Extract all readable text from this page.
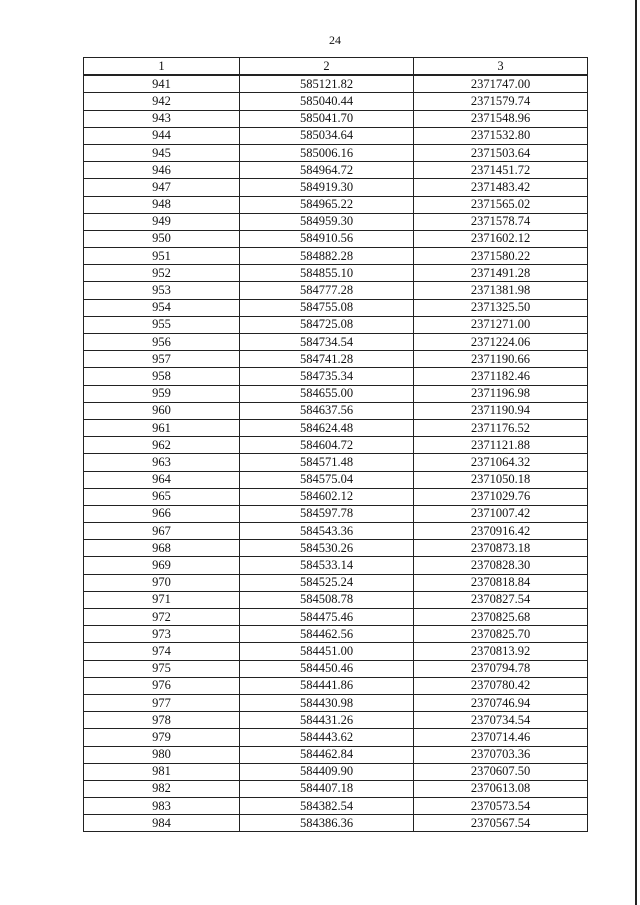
24
1	2	3
941	585121.82	2371747.00
942	585040.44	2371579.74
943	585041.70	2371548.96
944	585034.64	2371532.80
945	585006.16	2371503.64
946	584964.72	2371451.72
947	584919.30	2371483.42
948	584965.22	2371565.02
949	584959.30	2371578.74
950	584910.56	2371602.12
951	584882.28	2371580.22
952	584855.10	2371491.28
953	584777.28	2371381.98
954	584755.08	2371325.50
955	584725.08	2371271.00
956	584734.54	2371224.06
957	584741.28	2371190.66
958	584735.34	2371182.46
959	584655.00	2371196.98
960	584637.56	2371190.94
961	584624.48	2371176.52
962	584604.72	2371121.88
963	584571.48	2371064.32
964	584575.04	2371050.18
965	584602.12	2371029.76
966	584597.78	2371007.42
967	584543.36	2370916.42
968	584530.26	2370873.18
969	584533.14	2370828.30
970	584525.24	2370818.84
971	584508.78	2370827.54
972	584475.46	2370825.68
973	584462.56	2370825.70
974	584451.00	2370813.92
975	584450.46	2370794.78
976	584441.86	2370780.42
977	584430.98	2370746.94
978	584431.26	2370734.54
979	584443.62	2370714.46
980	584462.84	2370703.36
981	584409.90	2370607.50
982	584407.18	2370613.08
983	584382.54	2370573.54
984	584386.36	2370567.54
